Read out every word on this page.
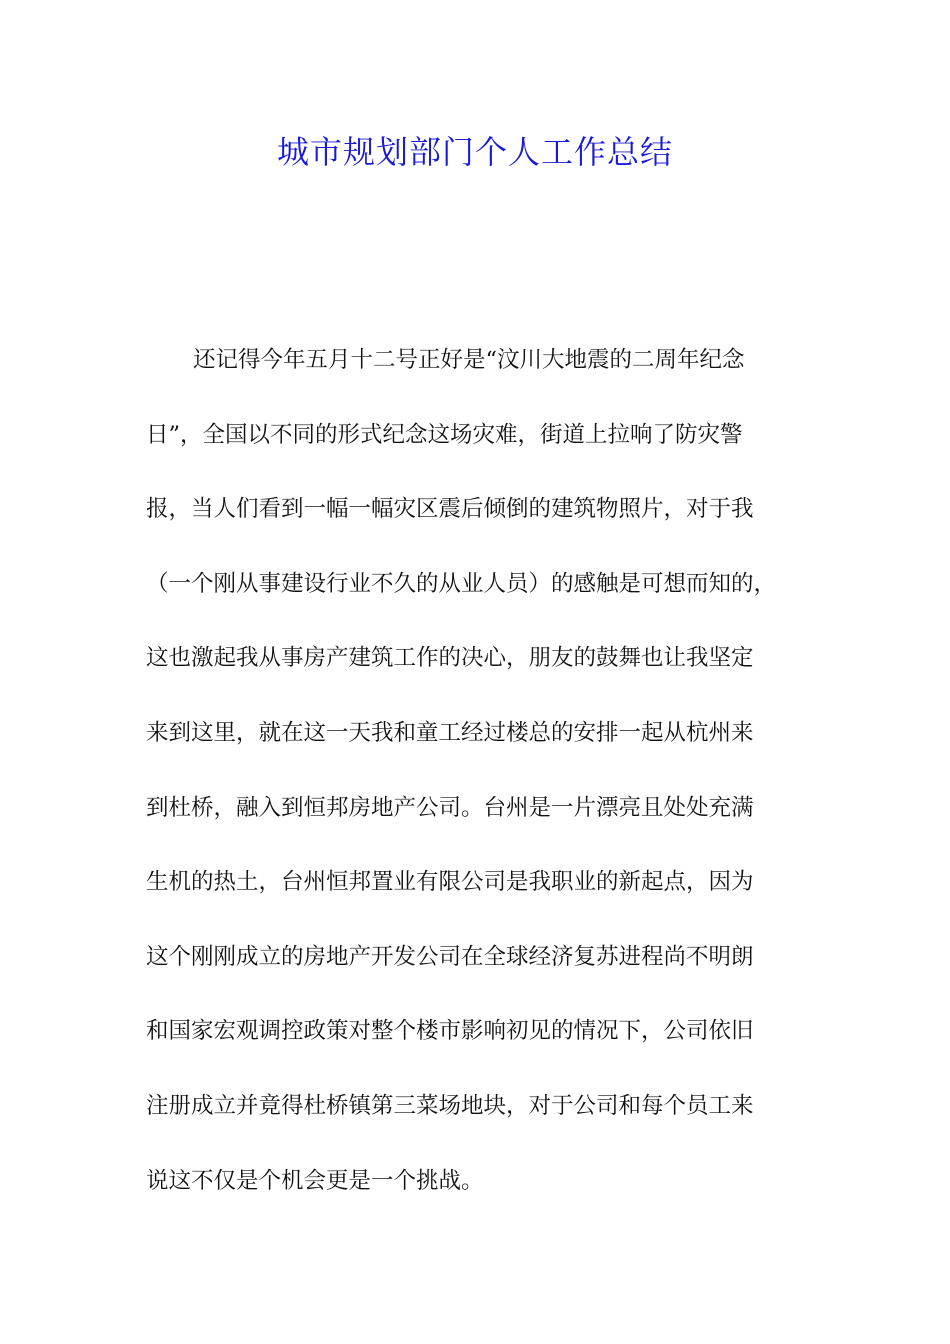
城市规划部门个人工作总结
还记得今年五月十二号正好是“汶川大地震的二周年纪念
日”，全国以不同的形式纪念这场灾难，街道上拉响了防灾警
报，当人们看到一幅一幅灾区震后倾倒的建筑物照片，对于我
（一个刚从事建设行业不久的从业人员）的感触是可想而知的，
这也激起我从事房产建筑工作的决心，朋友的鼓舞也让我坚定
来到这里，就在这一天我和童工经过楼总的安排一起从杭州来
到杜桥，融入到恒邦房地产公司。台州是一片漂亮且处处充满
生机的热土，台州恒邦置业有限公司是我职业的新起点，因为
这个刚刚成立的房地产开发公司在全球经济复苏进程尚不明朗
和国家宏观调控政策对整个楼市影响初见的情况下，公司依旧
注册成立并竟得杜桥镇第三菜场地块，对于公司和每个员工来
说这不仅是个机会更是一个挑战。
